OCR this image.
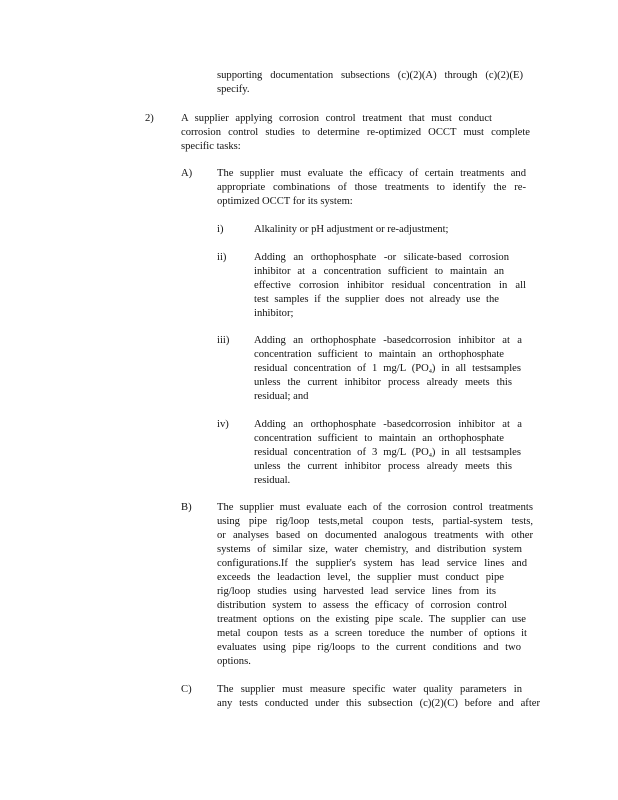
supporting documentation subsections (c)(2)(A) through (c)(2)(E)
specify.
2)	A supplier applying corrosion control treatment that must conduct
corrosion control studies to determine re-optimized OCCT must complete
specific tasks:
A) The supplier must evaluate the efficacy of certain treatments and
appropriate combinations of those treatments to identify the re-
optimized OCCT for its system:
i)	Alkalinity or pH adjustment or re-adjustment;
ii)	Adding an orthophosphate -or silicate-based corrosion
inhibitor at a concentration sufficient to maintain an
effective corrosion inhibitor residual concentration in all
test samples if the supplier does not already use the
inhibitor;
iii) Adding an orthophosphate -basedcorrosion inhibitor at a
concentration sufficient to maintain an orthophosphate
residual concentration of 1 mg/L $(PO_4)$ in all testsamples
unless the current inhibitor process already meets this
residual; and
iv) Adding an orthophosphate -basedcorrosion inhibitor at a
concentration sufficient to maintain an orthophosphate
residual concentration of 3 mg/L $(PO_4)$ in all testsamples
unless the current inhibitor process already meets this
residual.
B) The supplier must evaluate each of the corrosion control treatments
using pipe rig/loop tests,metal coupon tests, partial-system tests,
or analyses based on documented analogous treatments with other
systems of similar size, water chemistry, and distribution system
configurations.If the supplier's system has lead service lines and
exceeds the leadaction level, the supplier must conduct pipe
rig/loop studies using harvested lead service lines from its
distribution system to assess the efficacy of corrosion control
treatment options on the existing pipe scale. The supplier can use
metal coupon tests as a screen toreduce the number of options it
evaluates using pipe rig/loops to the current conditions and two
options.
C) The supplier must measure specific water quality parameters in
any tests conducted under this subsection (c)(2)(C) before and after
